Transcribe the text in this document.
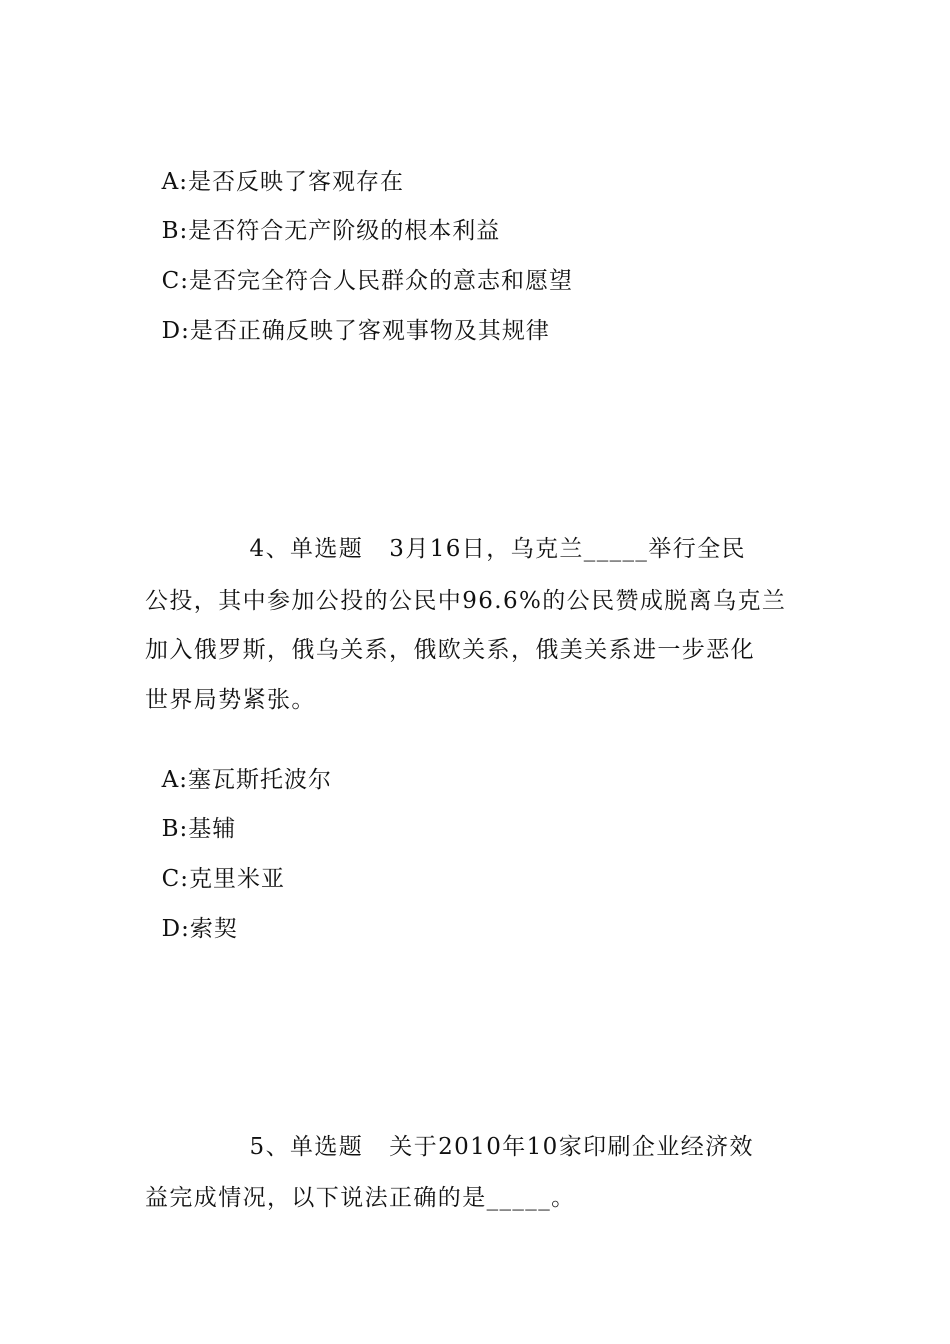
A:是否反映了客观存在

B:是否符合无产阶级的根本利益

C:是否完全符合人民群众的意志和愿望

D:是否正确反映了客观事物及其规律

4、单选题   3月16日，乌克兰_____举行全民
公投，其中参加公投的公民中96.6%的公民赞成脱离乌克兰
加入俄罗斯，俄乌关系，俄欧关系，俄美关系进一步恶化
世界局势紧张。

A:塞瓦斯托波尔

B:基辅

C:克里米亚

D:索契

5、单选题   关于2010年10家印刷企业经济效
益完成情况，以下说法正确的是_____。
